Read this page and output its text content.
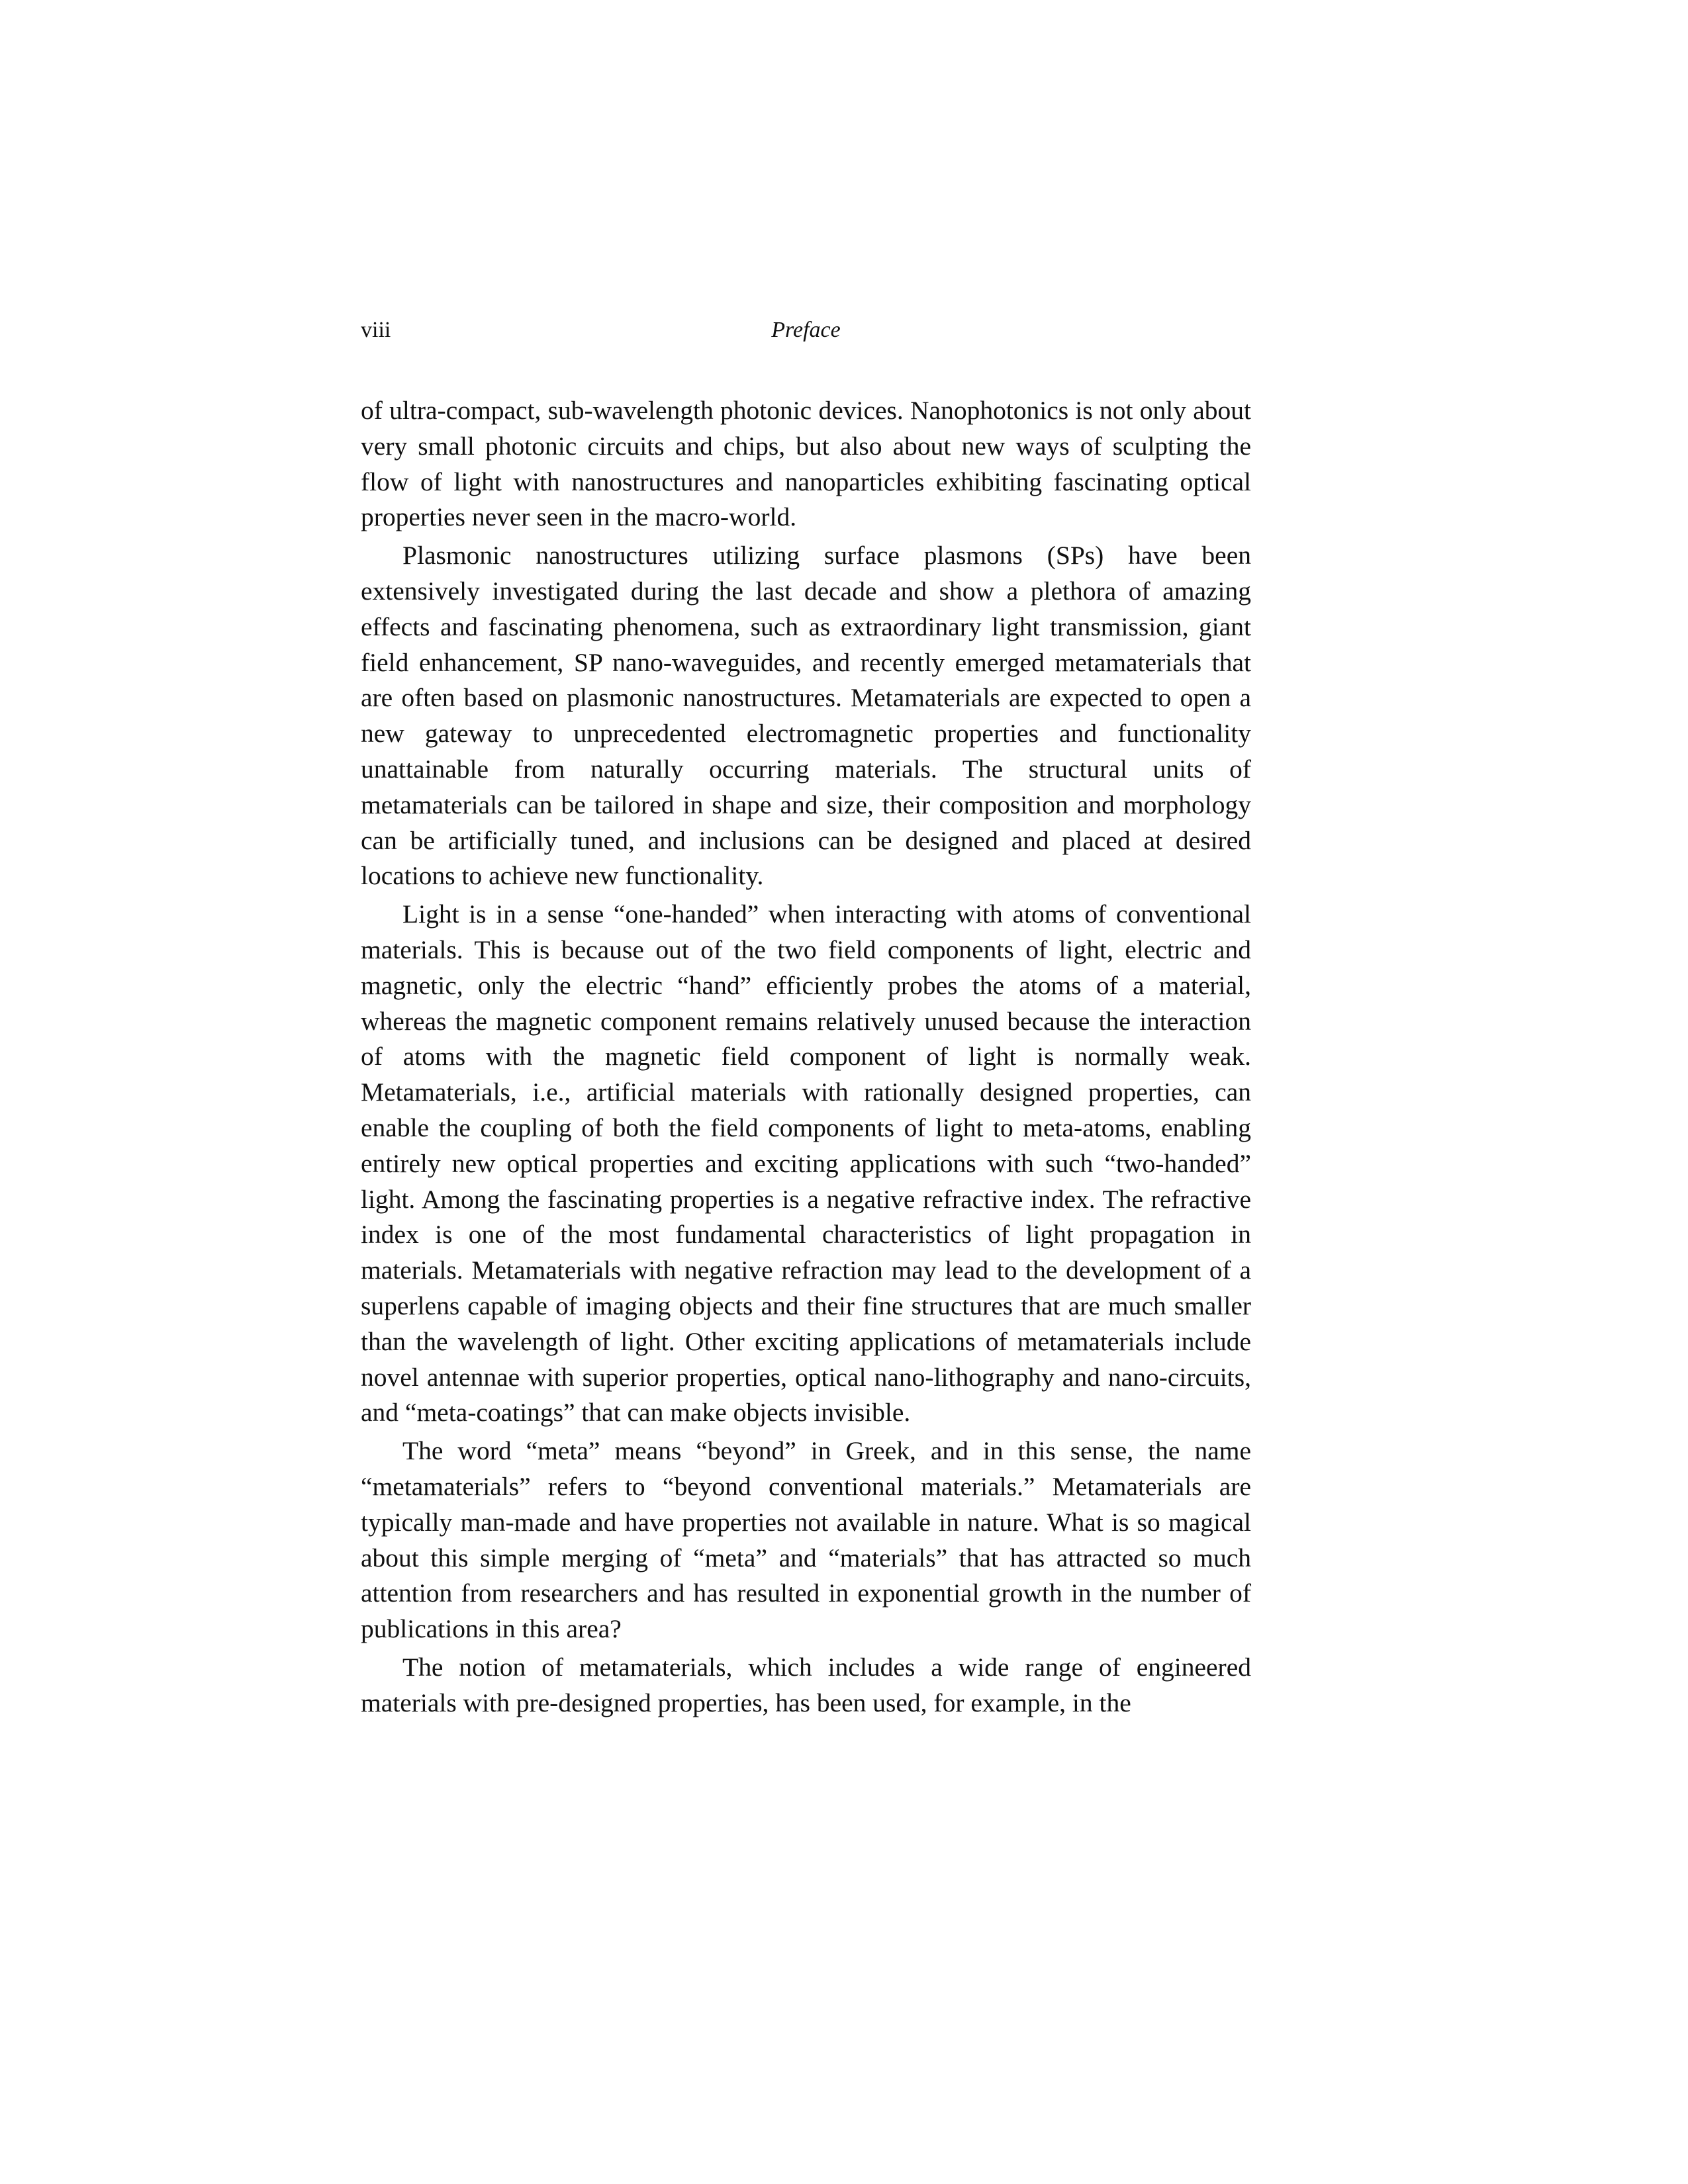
viii	Preface

of ultra-compact, sub-wavelength photonic devices. Nanophotonics is not only about very small photonic circuits and chips, but also about new ways of sculpting the flow of light with nanostructures and nanoparticles exhibiting fascinating optical properties never seen in the macro-world.

Plasmonic nanostructures utilizing surface plasmons (SPs) have been extensively investigated during the last decade and show a plethora of amazing effects and fascinating phenomena, such as extraordinary light transmission, giant field enhancement, SP nano-waveguides, and recently emerged metamaterials that are often based on plasmonic nanostructures. Metamaterials are expected to open a new gateway to unprecedented electromagnetic properties and functionality unattainable from naturally occurring materials. The structural units of metamaterials can be tailored in shape and size, their composition and morphology can be artificially tuned, and inclusions can be designed and placed at desired locations to achieve new functionality.

Light is in a sense “one-handed” when interacting with atoms of conventional materials. This is because out of the two field components of light, electric and magnetic, only the electric “hand” efficiently probes the atoms of a material, whereas the magnetic component remains relatively unused because the interaction of atoms with the magnetic field component of light is normally weak. Metamaterials, i.e., artificial materials with rationally designed properties, can enable the coupling of both the field components of light to meta-atoms, enabling entirely new optical properties and exciting applications with such “two-handed” light. Among the fascinating properties is a negative refractive index. The refractive index is one of the most fundamental characteristics of light propagation in materials. Metamaterials with negative refraction may lead to the development of a superlens capable of imaging objects and their fine structures that are much smaller than the wavelength of light. Other exciting applications of metamaterials include novel antennae with superior properties, optical nano-lithography and nano-circuits, and “meta-coatings” that can make objects invisible.

The word “meta” means “beyond” in Greek, and in this sense, the name “metamaterials” refers to “beyond conventional materials.” Metamaterials are typically man-made and have properties not available in nature. What is so magical about this simple merging of “meta” and “materials” that has attracted so much attention from researchers and has resulted in exponential growth in the number of publications in this area?

The notion of metamaterials, which includes a wide range of engineered materials with pre-designed properties, has been used, for example, in the
